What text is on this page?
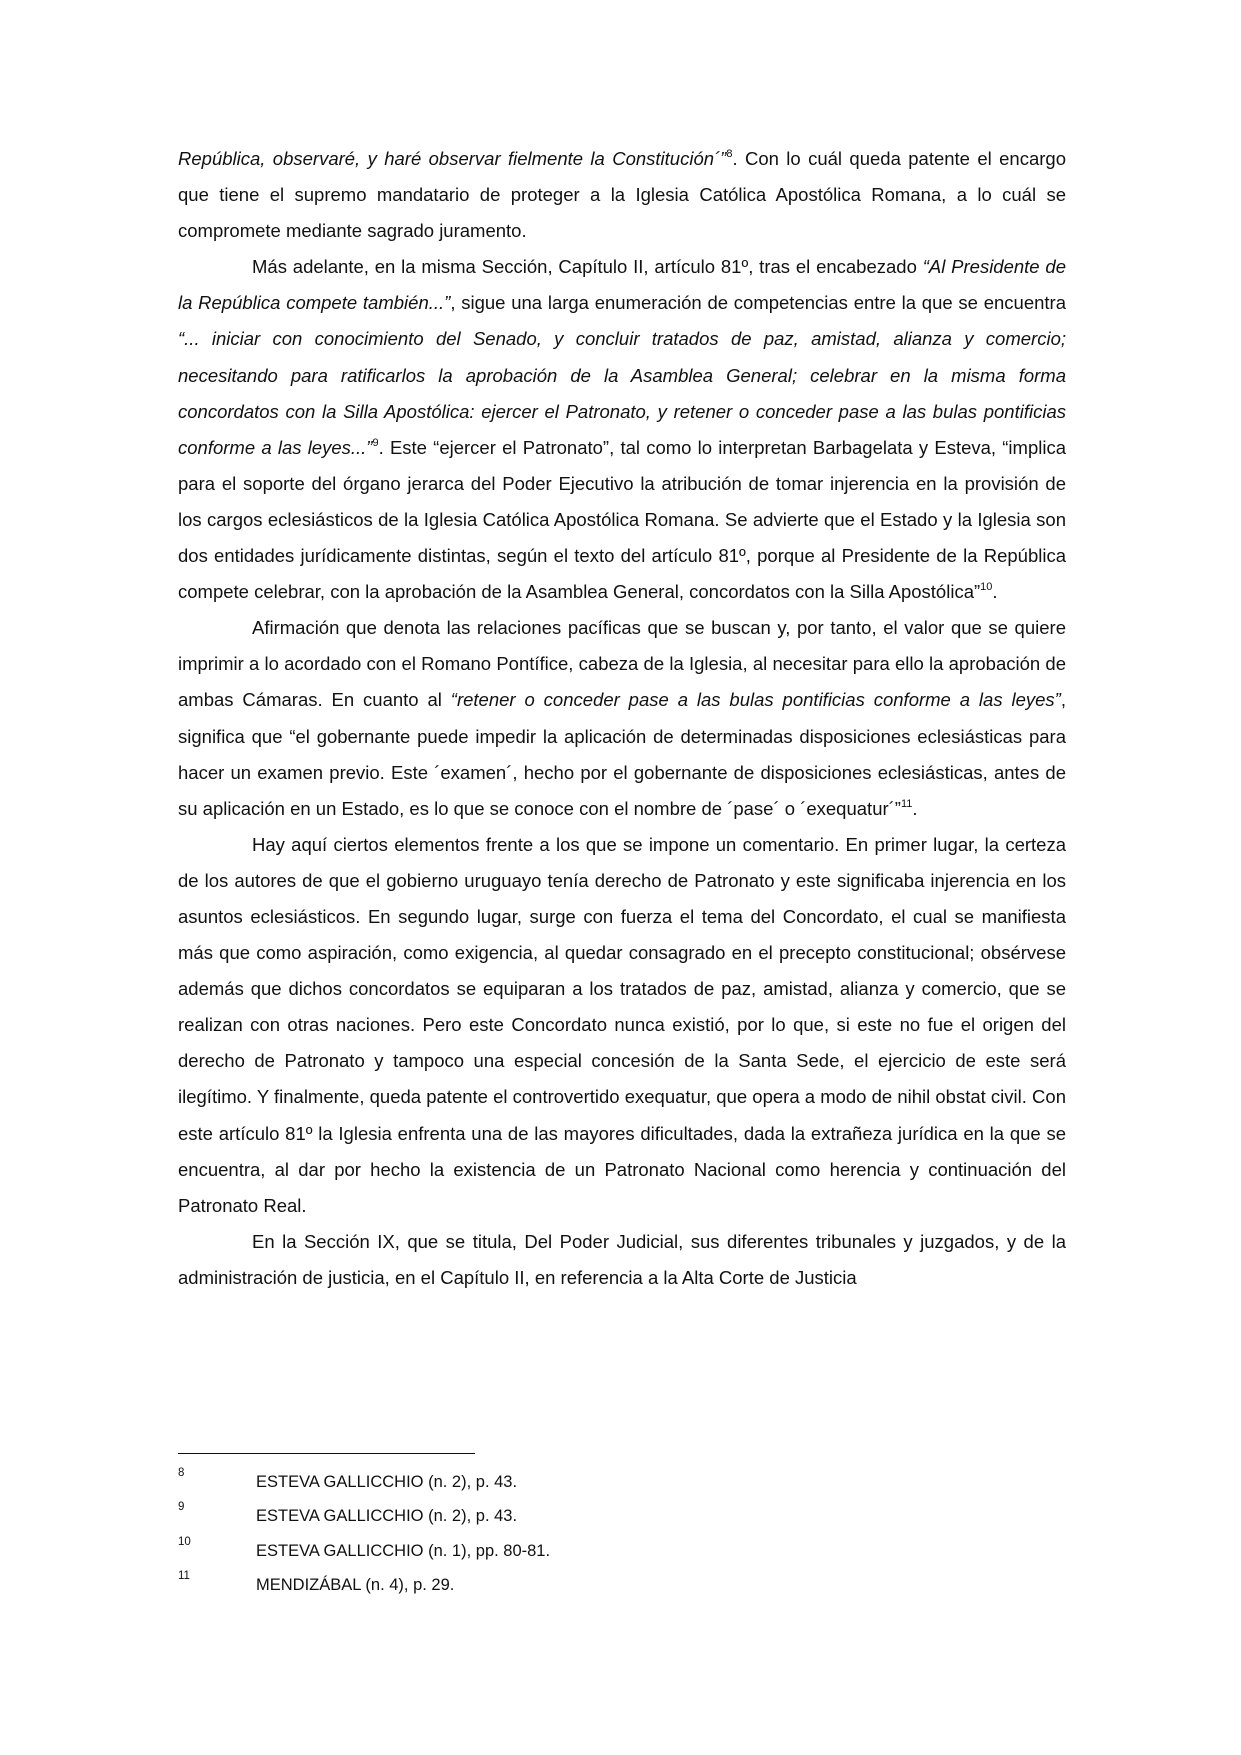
República, observaré, y haré observar fielmente la Constitución´”$^8$. Con lo cuál queda patente el encargo que tiene el supremo mandatario de proteger a la Iglesia Católica Apostólica Romana, a lo cuál se compromete mediante sagrado juramento.

Más adelante, en la misma Sección, Capítulo II, artículo 81º, tras el encabezado “Al Presidente de la República compete también...”, sigue una larga enumeración de competencias entre la que se encuentra “... iniciar con conocimiento del Senado, y concluir tratados de paz, amistad, alianza y comercio; necesitando para ratificarlos la aprobación de la Asamblea General; celebrar en la misma forma concordatos con la Silla Apostólica: ejercer el Patronato, y retener o conceder pase a las bulas pontificias conforme a las leyes...”$^9$. Este “ejercer el Patronato”, tal como lo interpretan Barbagelata y Esteva, “implica para el soporte del órgano jerarca del Poder Ejecutivo la atribución de tomar injerencia en la provisión de los cargos eclesiásticos de la Iglesia Católica Apostólica Romana. Se advierte que el Estado y la Iglesia son dos entidades jurídicamente distintas, según el texto del artículo 81º, porque al Presidente de la República compete celebrar, con la aprobación de la Asamblea General, concordatos con la Silla Apostólica”$^{10}$.

Afirmación que denota las relaciones pacíficas que se buscan y, por tanto, el valor que se quiere imprimir a lo acordado con el Romano Pontífice, cabeza de la Iglesia, al necesitar para ello la aprobación de ambas Cámaras. En cuanto al “retener o conceder pase a las bulas pontificias conforme a las leyes”, significa que “el gobernante puede impedir la aplicación de determinadas disposiciones eclesiásticas para hacer un examen previo. Este ´examen´, hecho por el gobernante de disposiciones eclesiásticas, antes de su aplicación en un Estado, es lo que se conoce con el nombre de ´pase´ o ´exequatur´”$^{11}$.

Hay aquí ciertos elementos frente a los que se impone un comentario. En primer lugar, la certeza de los autores de que el gobierno uruguayo tenía derecho de Patronato y este significaba injerencia en los asuntos eclesiásticos. En segundo lugar, surge con fuerza el tema del Concordato, el cual se manifiesta más que como aspiración, como exigencia, al quedar consagrado en el precepto constitucional; obsérvese además que dichos concordatos se equiparan a los tratados de paz, amistad, alianza y comercio, que se realizan con otras naciones. Pero este Concordato nunca existió, por lo que, si este no fue el origen del derecho de Patronato y tampoco una especial concesión de la Santa Sede, el ejercicio de este será ilegítimo. Y finalmente, queda patente el controvertido exequatur, que opera a modo de nihil obstat civil. Con este artículo 81º la Iglesia enfrenta una de las mayores dificultades, dada la extrañeza jurídica en la que se encuentra, al dar por hecho la existencia de un Patronato Nacional como herencia y continuación del Patronato Real.

En la Sección IX, que se titula, Del Poder Judicial, sus diferentes tribunales y juzgados, y de la administración de justicia, en el Capítulo II, en referencia a la Alta Corte de Justicia

8	ESTEVA GALLICCHIO (n. 2), p. 43.
9	ESTEVA GALLICCHIO (n. 2), p. 43.
10	ESTEVA GALLICCHIO (n. 1), pp. 80-81.
11	MENDIZÁBAL (n. 4), p. 29.
